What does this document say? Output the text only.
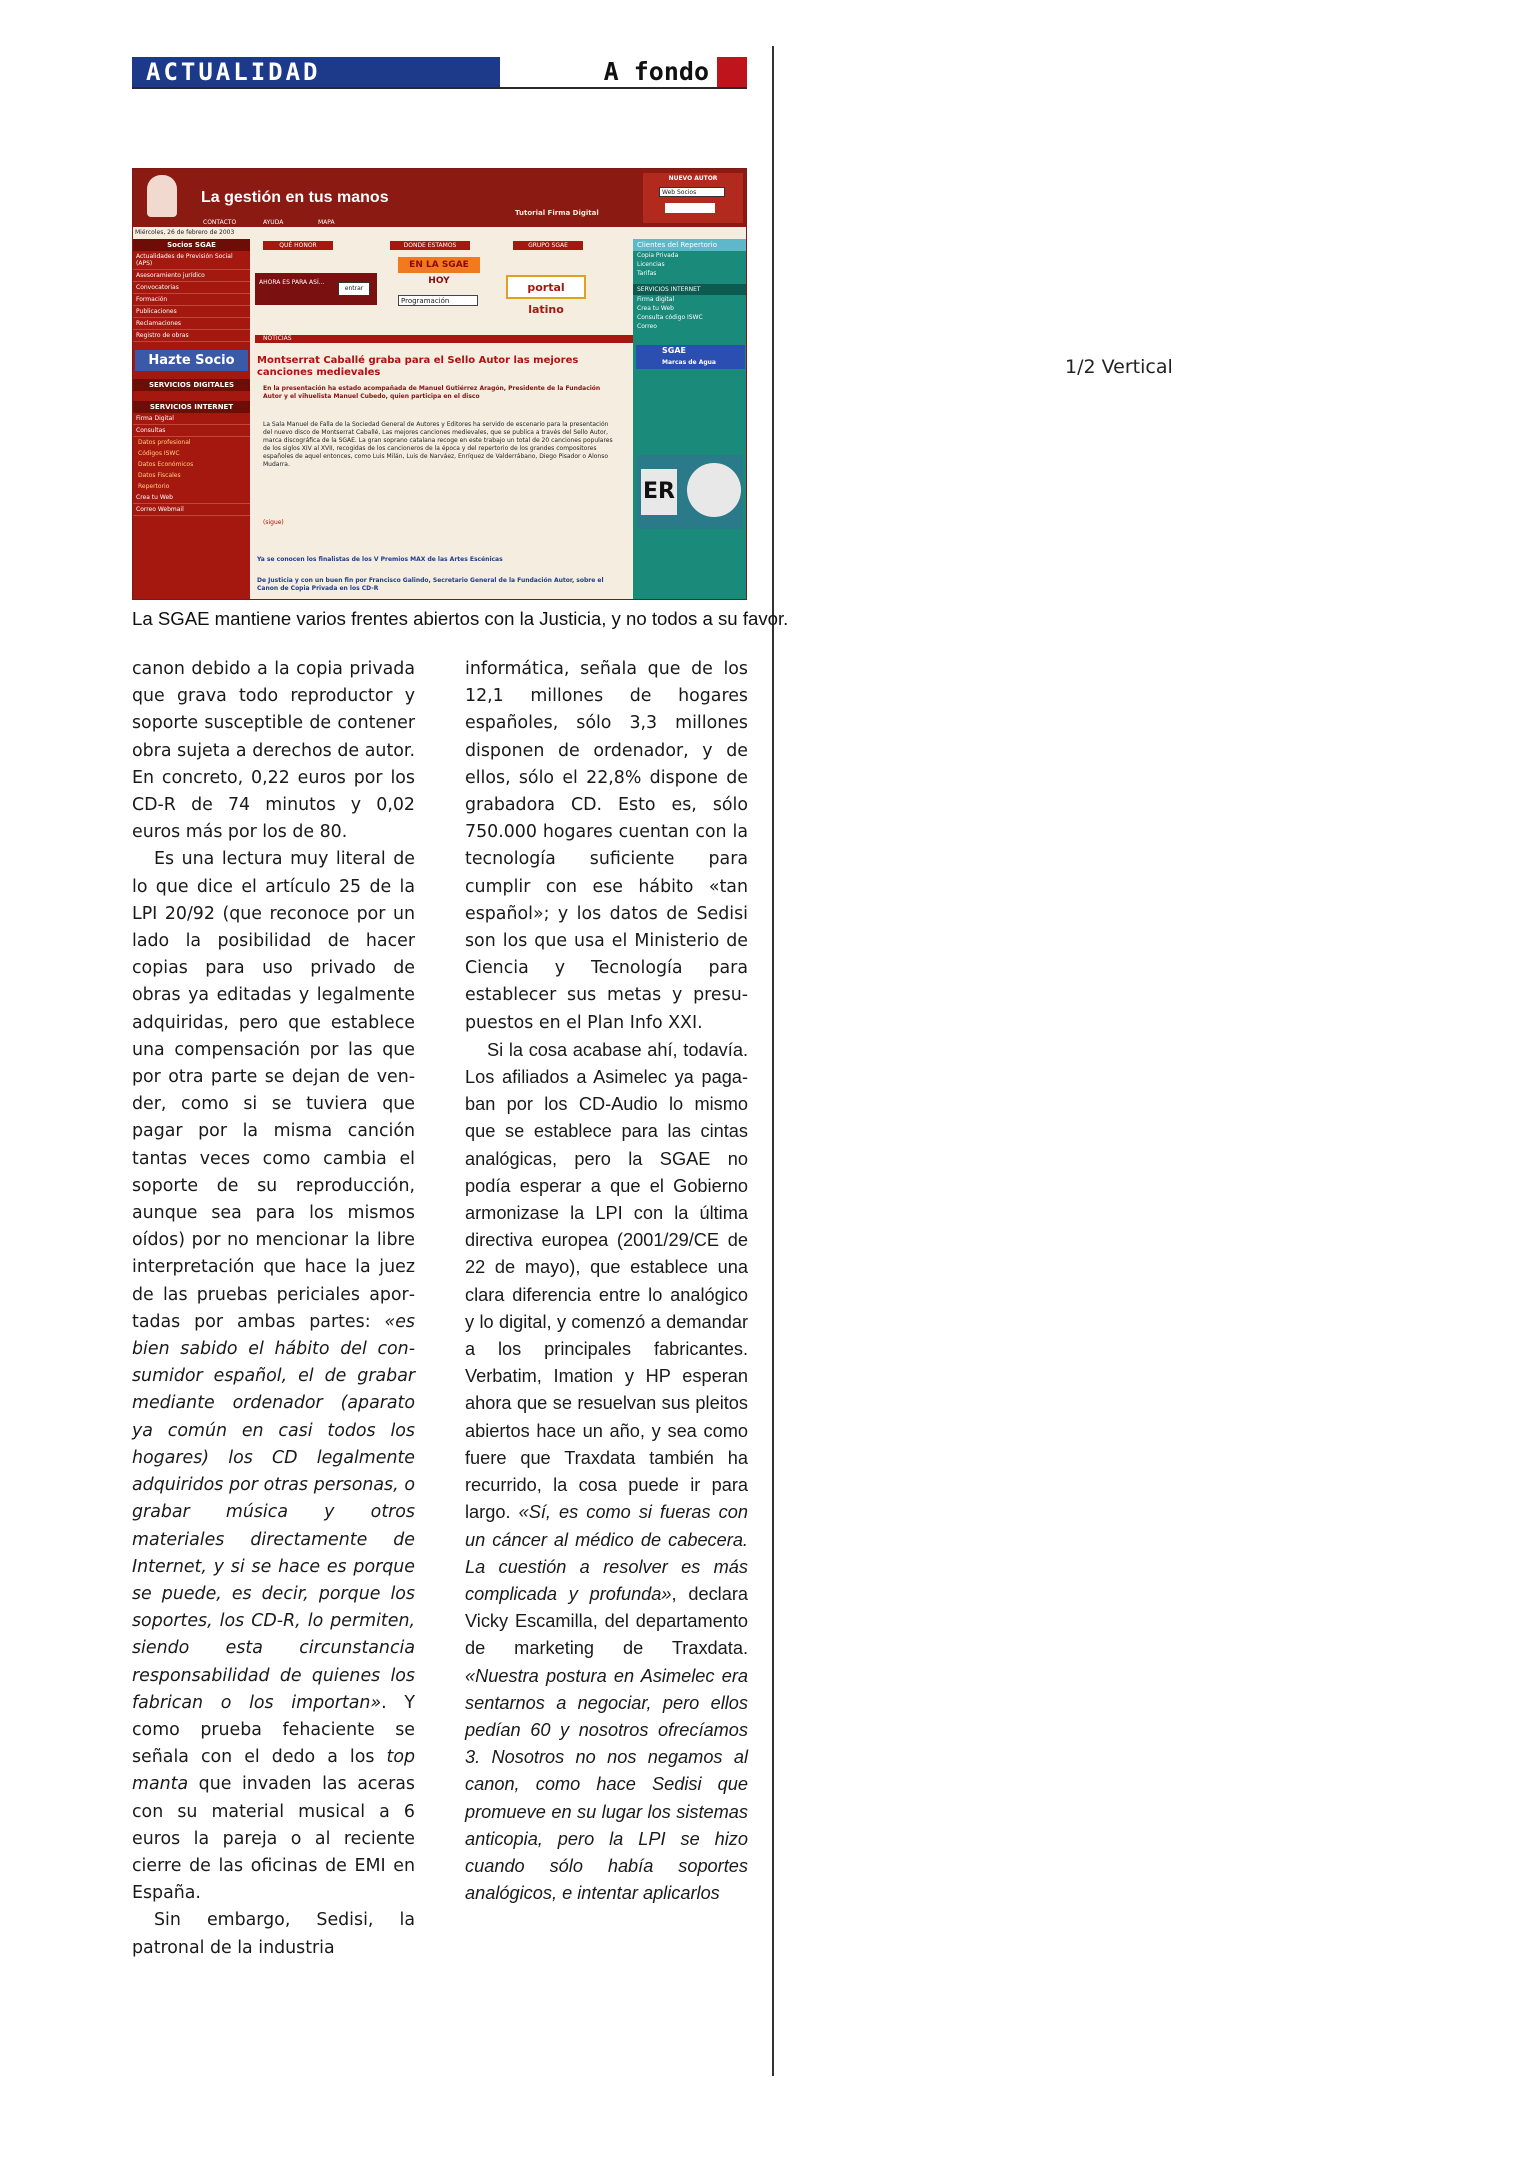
ACTUALIDAD	A fondo
1/2 Vertical
La gestión en tus manos
Tutorial Firma Digital
NUEVO AUTOR
Web Socios
CONTACTO	AYUDA	MAPA
Miércoles, 26 de febrero de 2003
Socios SGAE
Actualidades de Previsión Social (APS)
Asesoramiento jurídico
Convocatorias
Formación
Publicaciones
Reclamaciones
Registro de obras
Hazte Socio
SERVICIOS DIGITALES
SERVICIOS INTERNET
Firma Digital
Consultas
Datos profesional
Códigos ISWC
Datos Económicos
Datos Fiscales
Repertorio
Crea tu Web
Correo Webmail
QUÉ HONOR	DONDE ESTAMOS	GRUPO SGAE
AHORA ES PARA ASÍ...
entrar
EN LA SGAE HOY
Programación
portal latino
NOTICIAS
Montserrat Caballé graba para el Sello Autor las mejores canciones medievales
En la presentación ha estado acompañada de Manuel Gutiérrez Aragón, Presidente de la Fundación Autor y el vihuelista Manuel Cubedo, quien participa en el disco
La Sala Manuel de Falla de la Sociedad General de Autores y Editores ha servido de escenario para la presentación del nuevo disco de Montserrat Caballé, Las mejores canciones medievales, que se publica a través del Sello Autor, marca discográfica de la SGAE. La gran soprano catalana recoge en este trabajo un total de 20 canciones populares de los siglos XIV al XVII, recogidas de los cancioneros de la época y del repertorio de los grandes compositores españoles de aquel entonces, como Luis Milán, Luis de Narváez, Enríquez de Valderrábano, Diego Pisador o Alonso Mudarra.
(sigue)
Ya se conocen los finalistas de los V Premios MAX de las Artes Escénicas
De Justicia y con un buen fin por Francisco Galindo, Secretario General de la Fundación Autor, sobre el Canon de Copia Privada en los CD-R
Clientes del Repertorio
Copia Privada
Licencias
Tarifas
SERVICIOS INTERNET
Firma digital
Crea tu Web
Consulta código ISWC
Correo
SGAE
Marcas de Agua
ER
La SGAE mantiene varios frentes abiertos con la Justicia, y no todos a su favor.

canon debido a la copia privada que grava todo reproductor y soporte susceptible de contener obra sujeta a derechos de autor. En concreto, 0,22 euros por los CD-R de 74 minutos y 0,02 euros más por los de 80.

Es una lectura muy literal de lo que dice el artículo 25 de la LPI 20/92 (que reconoce por un lado la posibilidad de hacer copias para uso privado de obras ya editadas y legalmente adquiridas, pero que establece una compensación por las que por otra parte se dejan de vender, como si se tuviera que pagar por la misma canción tantas veces como cambia el soporte de su reproducción, aunque sea para los mismos oídos) por no mencionar la libre interpretación que hace la juez de las pruebas periciales aportadas por ambas partes: «es bien sabido el hábito del consumidor español, el de grabar mediante ordenador (aparato ya común en casi todos los hogares) los CD legalmente adquiridos por otras personas, o grabar música y otros materiales directamente de Internet, y si se hace es porque se puede, es decir, porque los soportes, los CD-R, lo permiten, siendo esta circunstancia responsabilidad de quienes los fabrican o los importan». Y como prueba fehaciente se señala con el dedo a los top manta que invaden las aceras con su material musical a 6 euros la pareja o al reciente cierre de las oficinas de EMI en España.

Sin embargo, Sedisi, la patronal de la industria

informática, señala que de los 12,1 millones de hogares españoles, sólo 3,3 millones disponen de ordenador, y de ellos, sólo el 22,8% dispone de grabadora CD. Esto es, sólo 750.000 hogares cuentan con la tecnología suficiente para cumplir con ese hábito «tan español»; y los datos de Sedisi son los que usa el Ministerio de Ciencia y Tecnología para establecer sus metas y presupuestos en el Plan Info XXI.

Si la cosa acabase ahí, todavía. Los afiliados a Asimelec ya pagaban por los CD-Audio lo mismo que se establece para las cintas analógicas, pero la SGAE no podía esperar a que el Gobierno armonizase la LPI con la última directiva europea (2001/29/CE de 22 de mayo), que establece una clara diferencia entre lo analógico y lo digital, y comenzó a demandar a los principales fabricantes. Verbatim, Imation y HP esperan ahora que se resuelvan sus pleitos abiertos hace un año, y sea como fuere que Traxdata también ha recurrido, la cosa puede ir para largo. «Sí, es como si fueras con un cáncer al médico de cabecera. La cuestión a resolver es más complicada y profunda», declara Vicky Escamilla, del departamento de marketing de Traxdata. «Nuestra postura en Asimelec era sentarnos a negociar, pero ellos pedían 60 y nosotros ofrecíamos 3. Nosotros no nos negamos al canon, como hace Sedisi que promueve en su lugar los sistemas anticopia, pero la LPI se hizo cuando sólo había soportes analógicos, e intentar aplicarlos
